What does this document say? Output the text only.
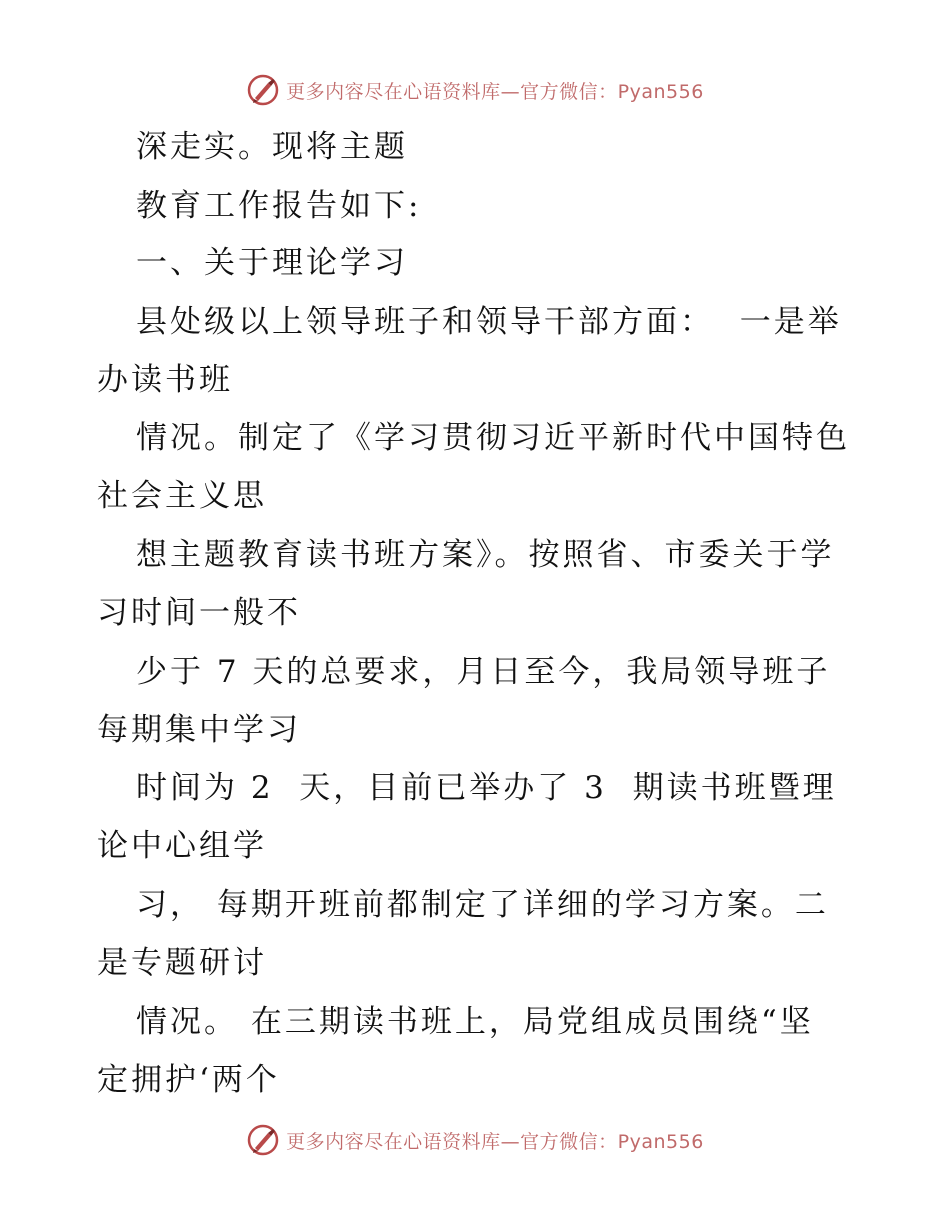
更多内容尽在心语资料库—官方微信：Pyan556
深走实。现将主题
教育工作报告如下:
一、关于理论学习
县处级以上领导班子和领导干部方面：  一是举
办读书班
情况。制定了《学习贯彻习近平新时代中国特色
社会主义思
想主题教育读书班方案》。按照省、市委关于学
习时间一般不
少于 7 天的总要求，月日至今，我局领导班子
每期集中学习
时间为 2  天，目前已举办了 3  期读书班暨理
论中心组学
习， 每期开班前都制定了详细的学习方案。二
是专题研讨
情况。 在三期读书班上，局党组成员围绕“坚
定拥护‘两个
更多内容尽在心语资料库—官方微信：Pyan556
